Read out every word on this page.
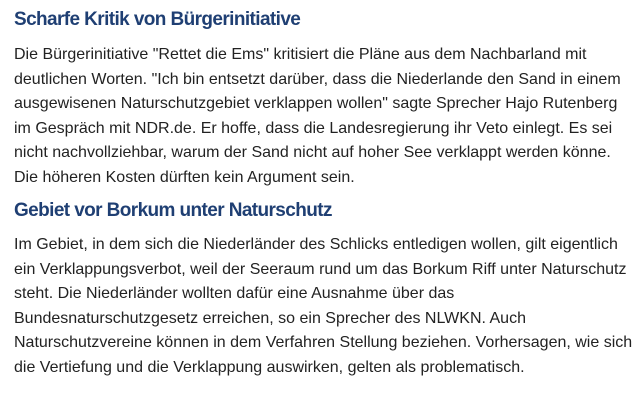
Scharfe Kritik von Bürgerinitiative

Die Bürgerinitiative "Rettet die Ems" kritisiert die Pläne aus dem Nachbarland mit deutlichen Worten. "Ich bin entsetzt darüber, dass die Niederlande den Sand in einem ausgewisenen Naturschutzgebiet verklappen wollen" sagte Sprecher Hajo Rutenberg im Gespräch mit NDR.de. Er hoffe, dass die Landesregierung ihr Veto einlegt. Es sei nicht nachvollziehbar, warum der Sand nicht auf hoher See verklappt werden könne. Die höheren Kosten dürften kein Argument sein.

Gebiet vor Borkum unter Naturschutz

Im Gebiet, in dem sich die Niederländer des Schlicks entledigen wollen, gilt eigentlich ein Verklappungsverbot, weil der Seeraum rund um das Borkum Riff unter Naturschutz steht. Die Niederländer wollten dafür eine Ausnahme über das Bundesnaturschutzgesetz erreichen, so ein Sprecher des NLWKN. Auch Naturschutzvereine können in dem Verfahren Stellung beziehen. Vorhersagen, wie sich die Vertiefung und die Verklappung auswirken, gelten als problematisch.
